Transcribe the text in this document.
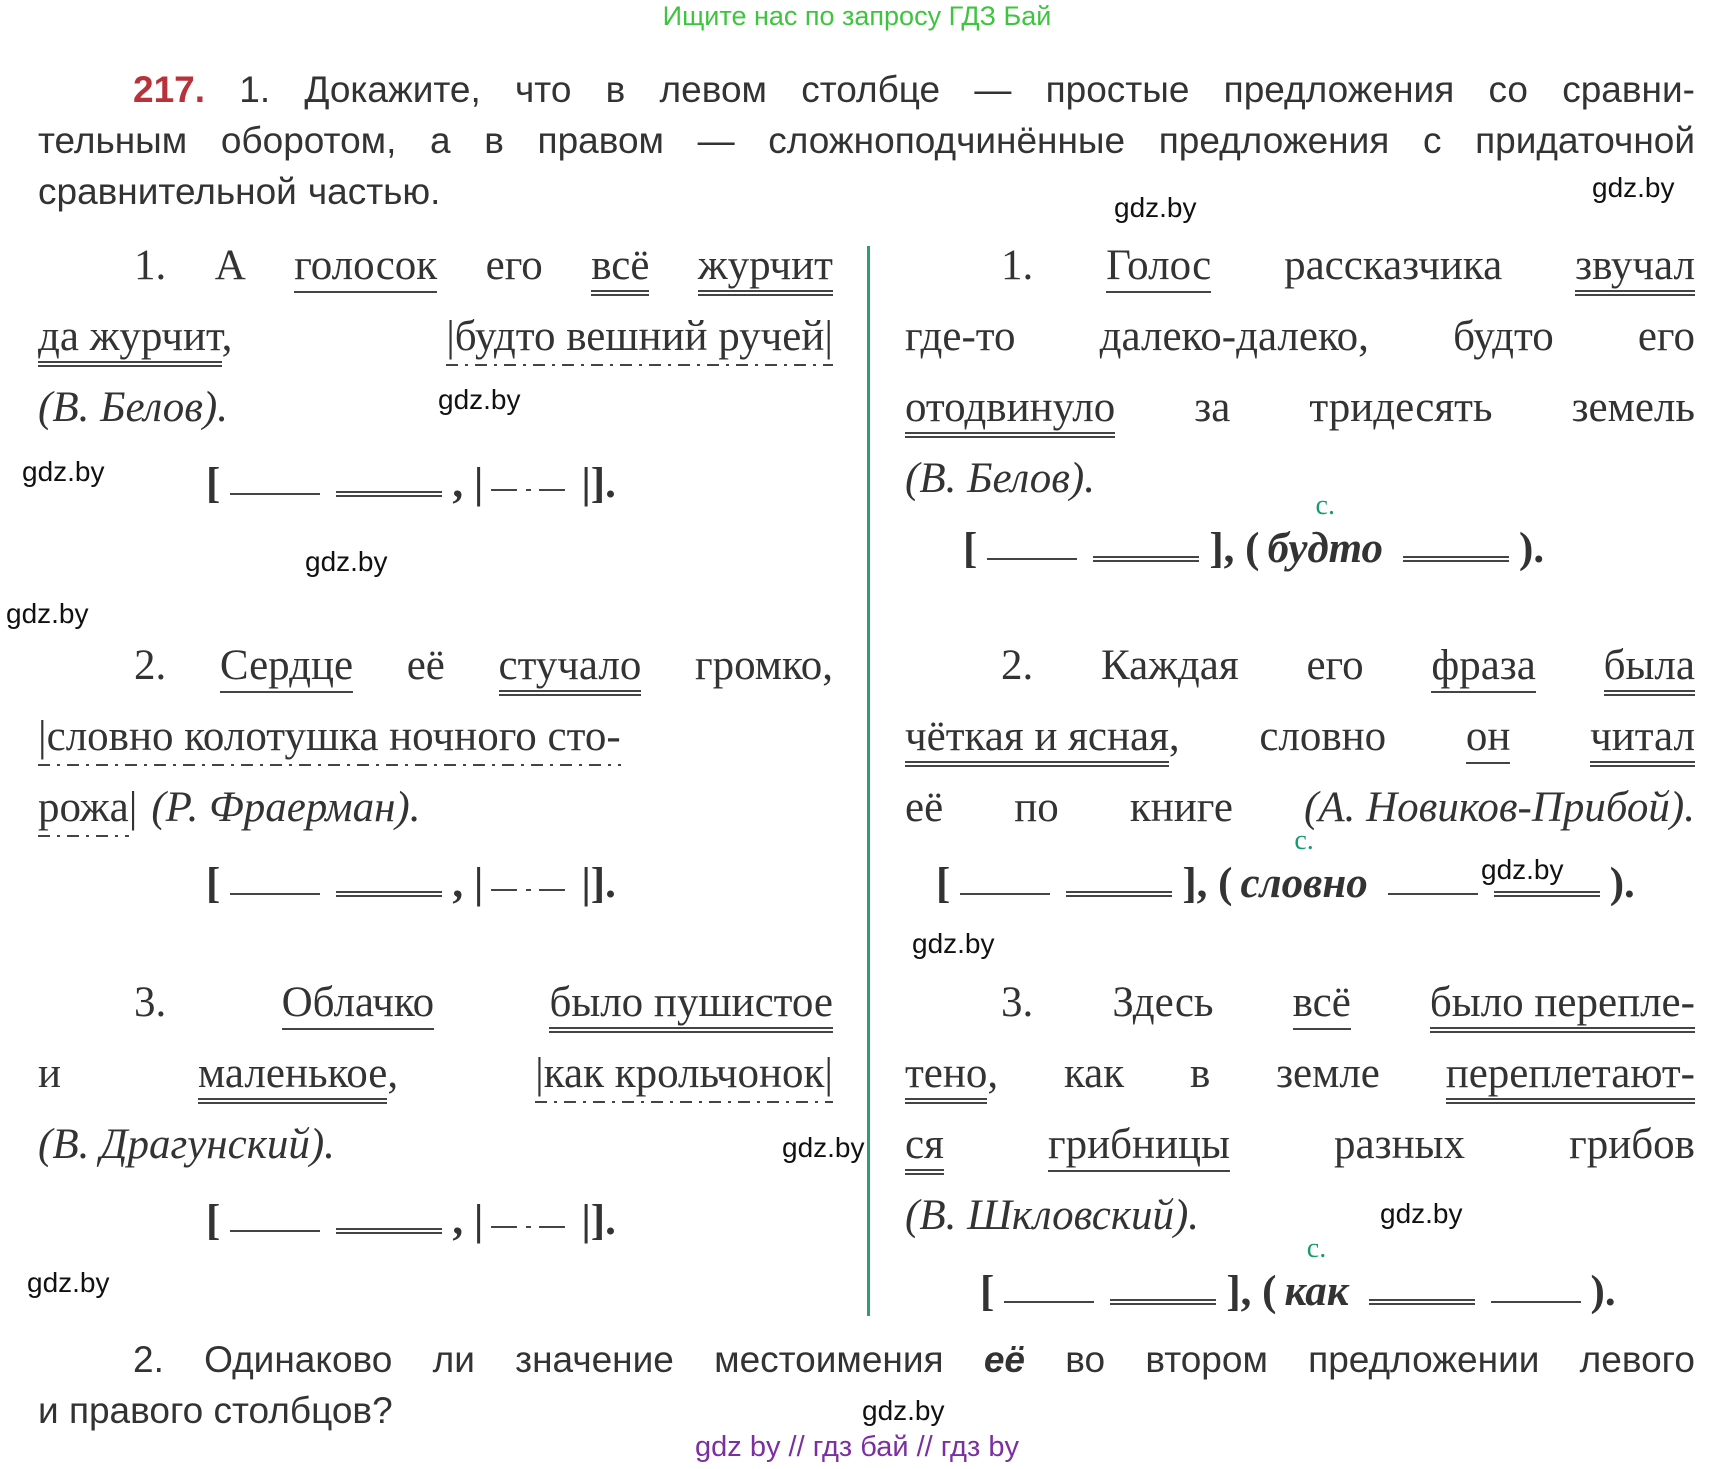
Ищите нас по запросу ГДЗ Бай
217. 1. Докажите, что в левом столбце — простые предложения со сравни-
тельным оборотом, а в правом — сложноподчинённые предложения с придаточной
сравнительной частью.
1. А голосок его всё журчит
да журчит,	|будто вешний ручей|
(В. Белов).
[	, | |].
2. Сердце её стучало громко,
|словно колотушка ночного сто-
рожа| (Р. Фраерман).
[	, | |].
3.	Облачко	было пушистое
и	маленькое,	|как крольчонок|
(В. Драгунский).
[	, | |].
1. Голос рассказчика звучал
где-то далеко-далеко, будто его
отодвинуло за тридесять земель
(В. Белов).
[	], ( будто
с.
).
2. Каждая его фраза была
чёткая и ясная, словно он читал
её по книге (А. Новиков-Прибой).
[	], ( словно
с.
).
3. Здесь всё было перепле-
тено, как в земле переплетают-
ся грибницы разных грибов
(В. Шкловский).
[	], ( как
с.
).
2. Одинаково ли значение местоимения её во втором предложении левого
и правого столбцов?
gdz.by
gdz.by
gdz.by
gdz.by
gdz.by
gdz.by
gdz.by
gdz.by
gdz.by
gdz.by
gdz.by
gdz.by
gdz by // гдз бай // гдз by
